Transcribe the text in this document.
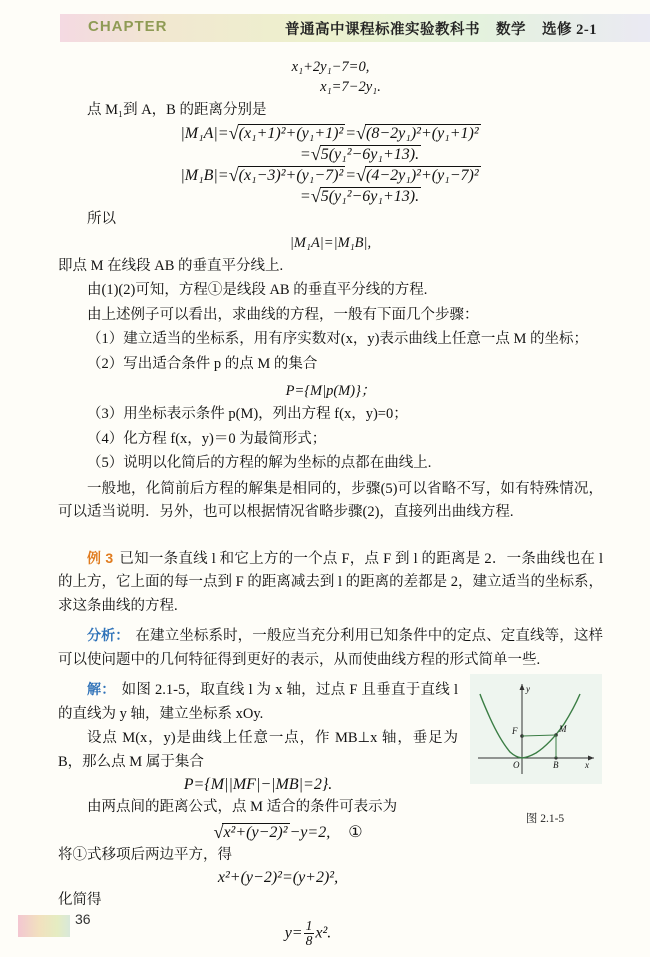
CHAPTER	普通高中课程标准实验教科书 数学 选修 2-1
x₁+2y₁−7=0,
x₁=7−2y₁.
点 M₁到 A，B 的距离分别是
|M₁A|= √ (x₁+1)²+(y₁+1)² = √ (8−2y₁)²+(y₁+1)²
= √ 5(y₁²−6y₁+13).
|M₁B|= √ (x₁−3)²+(y₁−7)² = √ (4−2y₁)²+(y₁−7)²
= √ 5(y₁²−6y₁+13).
所以
|M₁A|=|M₁B|,
即点 M 在线段 AB 的垂直平分线上.
由(1)(2)可知，方程①是线段 AB 的垂直平分线的方程.
由上述例子可以看出，求曲线的方程，一般有下面几个步骤：
（1）建立适当的坐标系，用有序实数对(x，y)表示曲线上任意一点 M 的坐标；
（2）写出适合条件 p 的点 M 的集合
P={M|p(M)}；
（3）用坐标表示条件 p(M)，列出方程 f(x，y)=0；
（4）化方程 f(x，y)＝0 为最简形式；
（5）说明以化简后的方程的解为坐标的点都在曲线上.
一般地，化简前后方程的解集是相同的，步骤(5)可以省略不写，如有特殊情况，可以适当说明．另外，也可以根据情况省略步骤(2)，直接列出曲线方程.
例 3 已知一条直线 l 和它上方的一个点 F，点 F 到 l 的距离是 2．一条曲线也在 l 的上方，它上面的每一点到 F 的距离减去到 l 的距离的差都是 2，建立适当的坐标系，求这条曲线的方程.
分析： 在建立坐标系时，一般应当充分利用已知条件中的定点、定直线等，这样可以使问题中的几何特征得到更好的表示，从而使曲线方程的形式简单一些.
解： 如图 2.1-5，取直线 l 为 x 轴，过点 F 且垂直于直线 l 的直线为 y 轴，建立坐标系 xOy.
设点 M(x，y)是曲线上任意一点，作 MB⊥x 轴，垂足为 B，那么点 M 属于集合
P={M||MF|−|MB|=2}.
由两点间的距离公式，点 M 适合的条件可表示为
√ x²+(y−2)² −y=2, ①
将①式移项后两边平方，得
x²+(y−2)²=(y+2)²,
化简得
$y= \frac{1}{8} x^2$.
F	M
B
O	x
y
图 2.1-5
36
